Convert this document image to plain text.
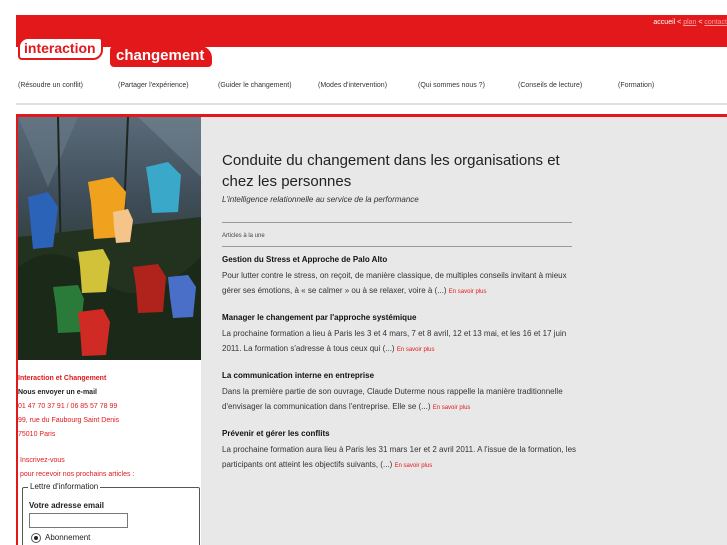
accueil < plan < contact
interaction	changement
(Résoudre un conflit)	(Partager l'expérience)	(Guider le changement)	(Modes d'intervention)	(Qui sommes nous ?)	(Conseils de lecture)	(Formation)
Interaction et Changement
Nous envoyer un e-mail
01 47 70 37 91 / 06 85 57 78 99
99, rue du Faubourg Saint Denis
75010 Paris
Inscrivez-vous
pour recevoir nos prochains articles :
Lettre d'information
Votre adresse email
Abonnement
Conduite du changement dans les organisations et chez les personnes
L'intelligence relationnelle au service de la performance
Articles à la une
Gestion du Stress et Approche de Palo Alto
Pour lutter contre le stress, on reçoit, de manière classique, de multiples conseils invitant à mieux gérer ses émotions, à « se calmer » ou à se relaxer, voire à (...) En savoir plus
Manager le changement par l'approche systémique
La prochaine formation a lieu à Paris les 3 et 4 mars, 7 et 8 avril, 12 et 13 mai, et les 16 et 17 juin 2011. La formation s'adresse à tous ceux qui (...) En savoir plus
La communication interne en entreprise
Dans la première partie de son ouvrage, Claude Duterme nous rappelle la manière traditionnelle d'envisager la communication dans l'entreprise. Elle se (...) En savoir plus
Prévenir et gérer les conflits
La prochaine formation aura lieu à Paris les 31 mars 1er et 2 avril 2011. A l'issue de la formation, les participants ont atteint les objectifs suivants, (...) En savoir plus
